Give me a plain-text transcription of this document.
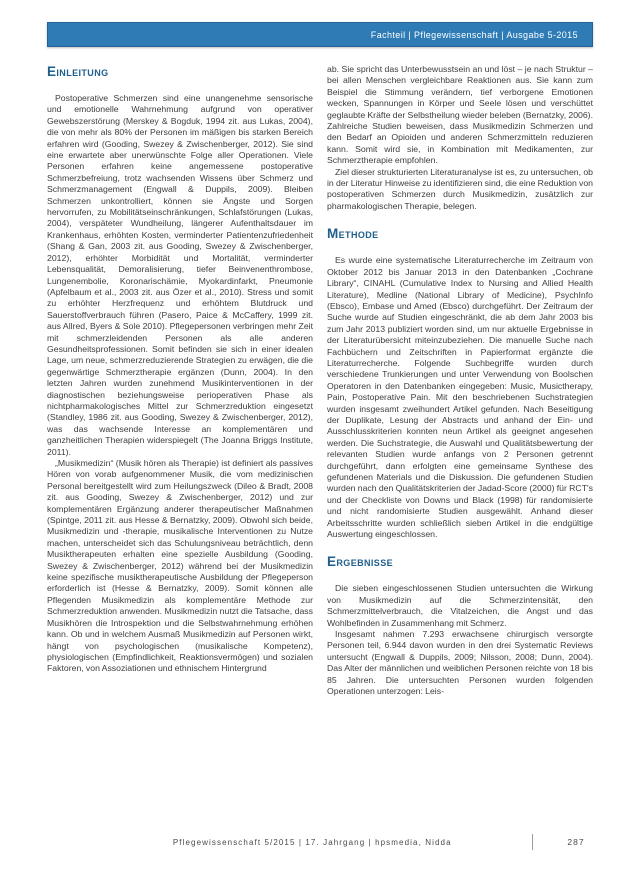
Fachteil | Pflegewissenschaft | Ausgabe 5-2015
Einleitung

Postoperative Schmerzen sind eine unangenehme sensorische und emotionelle Wahrnehmung aufgrund von operativer Gewebszerstörung (Merskey & Bogduk, 1994 zit. aus Lukas, 2004), die von mehr als 80% der Personen im mäßigen bis starken Bereich erfahren wird (Gooding, Swezey & Zwischenberger, 2012). Sie sind eine erwartete aber unerwünschte Folge aller Operationen. Viele Personen erfahren keine angemessene postoperative Schmerzbefreiung, trotz wachsenden Wissens über Schmerz und Schmerzmanagement (Engwall & Duppils, 2009). Bleiben Schmerzen unkontrolliert, können sie Ängste und Sorgen hervorrufen, zu Mobilitätseinschränkungen, Schlafstörungen (Lukas, 2004), verspäteter Wundheilung, längerer Aufenthaltsdauer im Krankenhaus, erhöhten Kosten, verminderter Patientenzufriedenheit (Shang & Gan, 2003 zit. aus Gooding, Swezey & Zwischenberger, 2012), erhöhter Morbidität und Mortalität, verminderter Lebensqualität, Demoralisierung, tiefer Beinvenenthrombose, Lungenembolie, Koronarischämie, Myokardinfarkt, Pneumonie (Apfelbaum et al., 2003 zit. aus Özer et al., 2010). Stress und somit zu erhöhter Herzfrequenz und erhöhtem Blutdruck und Sauerstoffverbrauch führen (Pasero, Paice & McCaffery, 1999 zit. aus Allred, Byers & Sole 2010). Pflegepersonen verbringen mehr Zeit mit schmerzleidenden Personen als alle anderen Gesundheitsprofessionen. Somit befinden sie sich in einer idealen Lage, um neue, schmerzreduzierende Strategien zu erwägen, die die gegenwärtige Schmerztherapie ergänzen (Dunn, 2004). In den letzten Jahren wurden zunehmend Musikinterventionen in der diagnostischen beziehungsweise perioperativen Phase als nichtpharmakologisches Mittel zur Schmerzreduktion eingesetzt (Standley, 1986 zit. aus Gooding, Swezey & Zwischenberger, 2012), was das wachsende Interesse an komplementären und ganzheitlichen Therapien widerspiegelt (The Joanna Briggs Institute, 2011).

„Musikmedizin“ (Musik hören als Therapie) ist definiert als passives Hören von vorab aufgenommener Musik, die vom medizinischen Personal bereitgestellt wird zum Heilungszweck (Dileo & Bradt, 2008 zit. aus Gooding, Swezey & Zwischenberger, 2012) und zur komplementären Ergänzung anderer therapeutischer Maßnahmen (Spintge, 2011 zit. aus Hesse & Bernatzky, 2009). Obwohl sich beide, Musikmedizin und -therapie, musikalische Interventionen zu Nutze machen, unterscheidet sich das Schulungsniveau beträchtlich, denn Musiktherapeuten erhalten eine spezielle Ausbildung (Gooding, Swezey & Zwischenberger, 2012) während bei der Musikmedizin keine spezifische musiktherapeutische Ausbildung der Pflegeperson erforderlich ist (Hesse & Bernatzky, 2009). Somit können alle Pflegenden Musikmedizin als komplementäre Methode zur Schmerzreduktion anwenden. Musikmedizin nutzt die Tatsache, dass Musikhören die Introspektion und die Selbstwahrnehmung erhöhen kann. Ob und in welchem Ausmaß Musikmedizin auf Personen wirkt, hängt von psychologischen (musikalische Kompetenz), physiologischen (Empfindlichkeit, Reaktionsvermögen) und sozialen Faktoren, von Assoziationen und ethnischem Hintergrund

ab. Sie spricht das Unterbewusstsein an und löst – je nach Struktur – bei allen Menschen vergleichbare Reaktionen aus. Sie kann zum Beispiel die Stimmung verändern, tief verborgene Emotionen wecken, Spannungen in Körper und Seele lösen und verschüttet geglaubte Kräfte der Selbstheilung wieder beleben (Bernatzky, 2006). Zahlreiche Studien beweisen, dass Musikmedizin Schmerzen und den Bedarf an Opioiden und anderen Schmerzmitteln reduzieren kann. Somit wird sie, in Kombination mit Medikamenten, zur Schmerztherapie empfohlen.

Ziel dieser strukturierten Literaturanalyse ist es, zu untersuchen, ob in der Literatur Hinweise zu identifizieren sind, die eine Reduktion von postoperativen Schmerzen durch Musikmedizin, zusätzlich zur pharmakologischen Therapie, belegen.

Methode

Es wurde eine systematische Literaturrecherche im Zeitraum von Oktober 2012 bis Januar 2013 in den Datenbanken „Cochrane Library“, CINAHL (Cumulative Index to Nursing and Allied Health Literature), Medline (National Library of Medicine), PsychInfo (Ebsco), Embase und Amed (Ebsco) durchgeführt. Der Zeitraum der Suche wurde auf Studien eingeschränkt, die ab dem Jahr 2003 bis zum Jahr 2013 publiziert worden sind, um nur aktuelle Ergebnisse in der Literaturübersicht miteinzubeziehen. Die manuelle Suche nach Fachbüchern und Zeitschriften in Papierformat ergänzte die Literaturrecherche. Folgende Suchbegriffe wurden durch verschiedene Trunkierungen und unter Verwendung von Boolschen Operatoren in den Datenbanken eingegeben: Music, Musictherapy, Pain, Postoperative Pain. Mit den beschriebenen Suchstrategien wurden insgesamt zweihundert Artikel gefunden. Nach Beseitigung der Duplikate, Lesung der Abstracts und anhand der Ein- und Ausschlusskriterien konnten neun Artikel als geeignet angesehen werden. Die Suchstrategie, die Auswahl und Qualitätsbewertung der relevanten Studien wurde anfangs von 2 Personen getrennt durchgeführt, dann erfolgten eine gemeinsame Synthese des gefundenen Materials und die Diskussion. Die gefundenen Studien wurden nach den Qualitätskriterien der Jadad-Score (2000) für RCT's und der Checkliste von Downs und Black (1998) für randomisierte und nicht randomisierte Studien ausgewählt. Anhand dieser Arbeitsschritte wurden schließlich sieben Artikel in die endgültige Auswertung eingeschlossen.

Ergebnisse

Die sieben eingeschlossenen Studien untersuchten die Wirkung von Musikmedizin auf die Schmerzintensität, den Schmerzmittelverbrauch, die Vitalzeichen, die Angst und das Wohlbefinden in Zusammenhang mit Schmerz.

Insgesamt nahmen 7.293 erwachsene chirurgisch versorgte Personen teil, 6.944 davon wurden in den drei Systematic Reviews untersucht (Engwall & Duppils, 2009; Nilsson, 2008; Dunn, 2004). Das Alter der männlichen und weiblichen Personen reichte von 18 bis 85 Jahren. Die untersuchten Personen wurden folgenden Operationen unterzogen: Leis-

Pflegewissenschaft 5/2015 | 17. Jahrgang | hpsmedia, Nidda	287
